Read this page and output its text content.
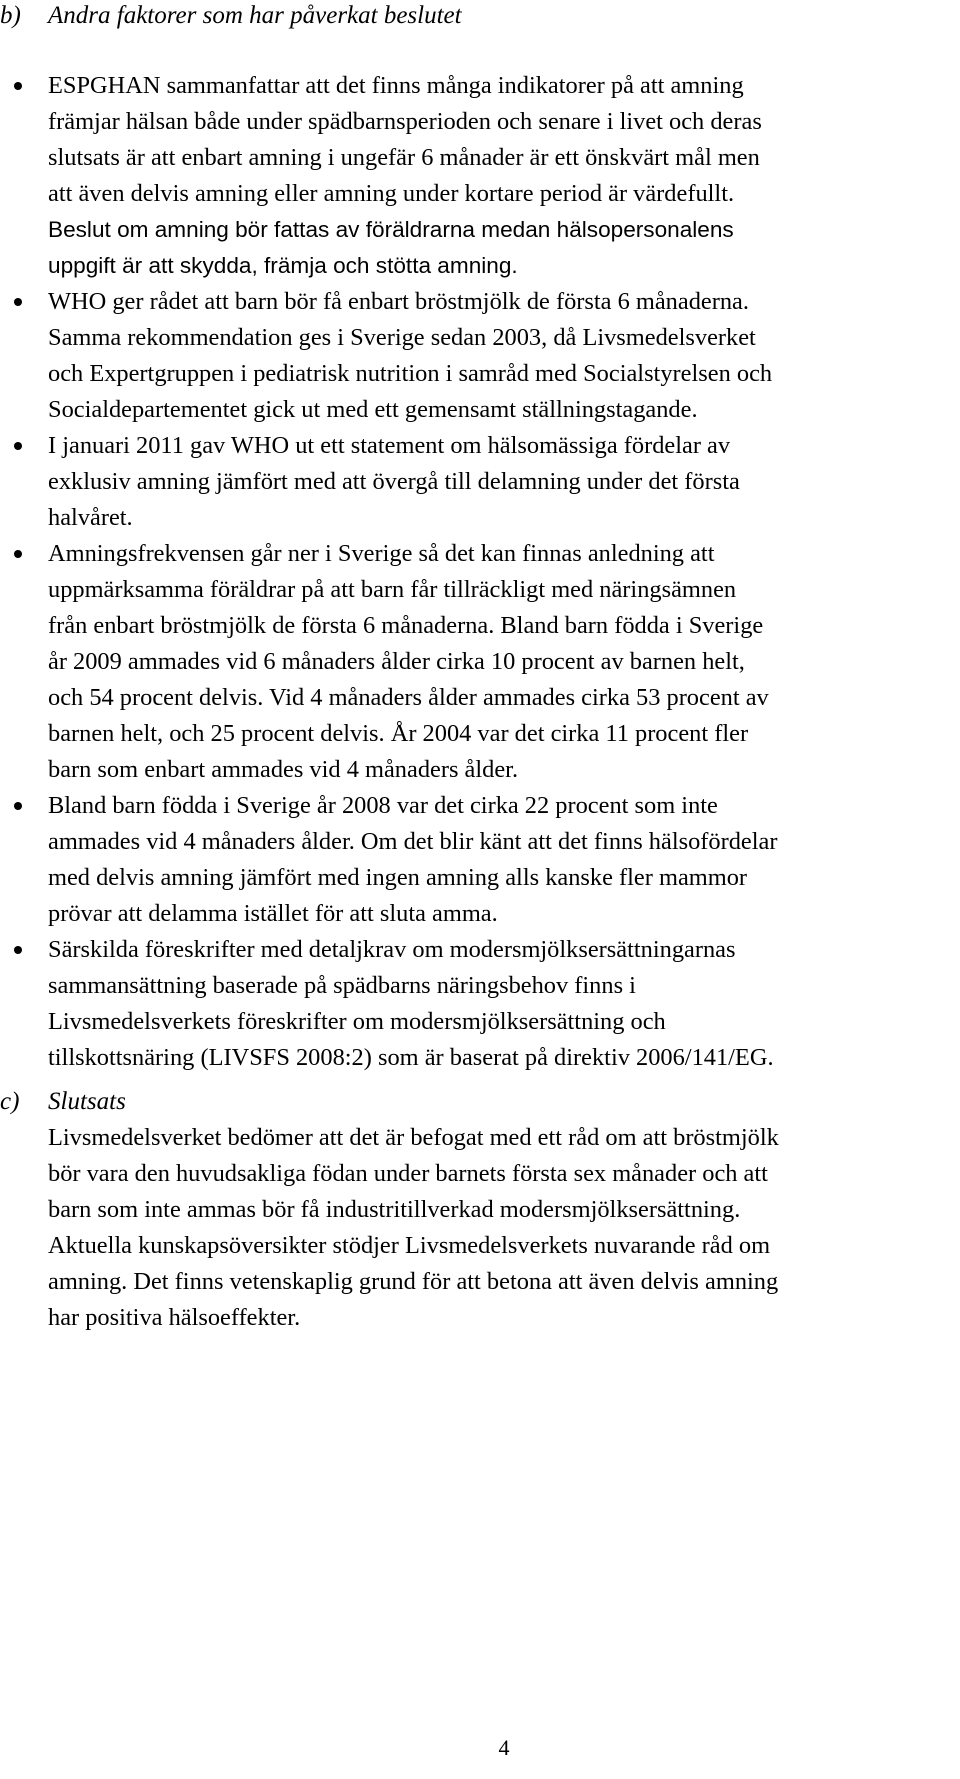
b) Andra faktorer som har påverkat beslutet
ESPGHAN sammanfattar att det finns många indikatorer på att amning
främjar hälsan både under spädbarnsperioden och senare i livet och deras
slutsats är att enbart amning i ungefär 6 månader är ett önskvärt mål men
att även delvis amning eller amning under kortare period är värdefullt.
Beslut om amning bör fattas av föräldrarna medan hälsopersonalens
uppgift är att skydda, främja och stötta amning.
WHO ger rådet att barn bör få enbart bröstmjölk de första 6 månaderna.
Samma rekommendation ges i Sverige sedan 2003, då Livsmedelsverket
och Expertgruppen i pediatrisk nutrition i samråd med Socialstyrelsen och
Socialdepartementet gick ut med ett gemensamt ställningstagande.
I januari 2011 gav WHO ut ett statement om hälsomässiga fördelar av
exklusiv amning jämfört med att övergå till delamning under det första
halvåret.
Amningsfrekvensen går ner i Sverige så det kan finnas anledning att
uppmärksamma föräldrar på att barn får tillräckligt med näringsämnen
från enbart bröstmjölk de första 6 månaderna. Bland barn födda i Sverige
år 2009 ammades vid 6 månaders ålder cirka 10 procent av barnen helt,
och 54 procent delvis. Vid 4 månaders ålder ammades cirka 53 procent av
barnen helt, och 25 procent delvis. År 2004 var det cirka 11 procent fler
barn som enbart ammades vid 4 månaders ålder.
Bland barn födda i Sverige år 2008 var det cirka 22 procent som inte
ammades vid 4 månaders ålder. Om det blir känt att det finns hälsofördelar
med delvis amning jämfört med ingen amning alls kanske fler mammor
prövar att delamma istället för att sluta amma.
Särskilda föreskrifter med detaljkrav om modersmjölksersättningarnas
sammansättning baserade på spädbarns näringsbehov finns i
Livsmedelsverkets föreskrifter om modersmjölksersättning och
tillskottsnäring (LIVSFS 2008:2) som är baserat på direktiv 2006/141/EG.
c) Slutsats
Livsmedelsverket bedömer att det är befogat med ett råd om att bröstmjölk
bör vara den huvudsakliga födan under barnets första sex månader och att
barn som inte ammas bör få industritillverkad modersmjölksersättning.
Aktuella kunskapsöversikter stödjer Livsmedelsverkets nuvarande råd om
amning. Det finns vetenskaplig grund för att betona att även delvis amning
har positiva hälsoeffekter.
4
